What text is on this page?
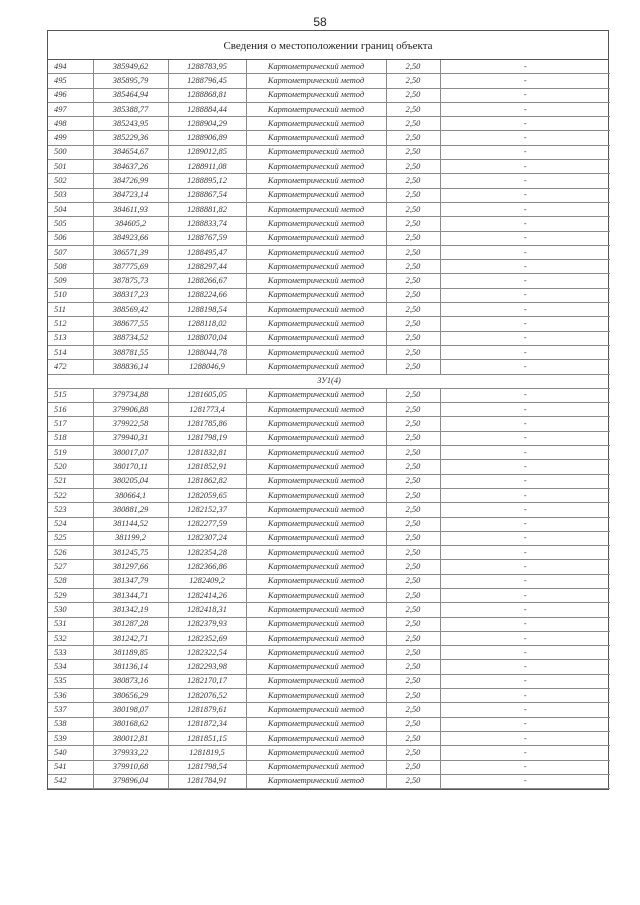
58
Сведения о местоположении границ объекта
494	385949,62	1288783,95	Картометрический метод	2,50	-
495	385895,79	1288796,45	Картометрический метод	2,50	-
496	385464,94	1288868,81	Картометрический метод	2,50	-
497	385388,77	1288884,44	Картометрический метод	2,50	-
498	385243,95	1288904,29	Картометрический метод	2,50	-
499	385229,36	1288906,89	Картометрический метод	2,50	-
500	384654,67	1289012,85	Картометрический метод	2,50	-
501	384637,26	1288911,08	Картометрический метод	2,50	-
502	384726,99	1288895,12	Картометрический метод	2,50	-
503	384723,14	1288867,54	Картометрический метод	2,50	-
504	384611,93	1288881,82	Картометрический метод	2,50	-
505	384605,2	1288833,74	Картометрический метод	2,50	-
506	384923,66	1288767,59	Картометрический метод	2,50	-
507	386571,39	1288495,47	Картометрический метод	2,50	-
508	387775,69	1288297,44	Картометрический метод	2,50	-
509	387875,73	1288266,67	Картометрический метод	2,50	-
510	388317,23	1288224,66	Картометрический метод	2,50	-
511	388569,42	1288198,54	Картометрический метод	2,50	-
512	388677,55	1288118,02	Картометрический метод	2,50	-
513	388734,52	1288070,04	Картометрический метод	2,50	-
514	388781,55	1288044,78	Картометрический метод	2,50	-
472	388836,14	1288046,9	Картометрический метод	2,50	-
ЗУ1(4)					
515	379734,88	1281605,05	Картометрический метод	2,50	-
516	379906,88	1281773,4	Картометрический метод	2,50	-
517	379922,58	1281785,86	Картометрический метод	2,50	-
518	379940,31	1281798,19	Картометрический метод	2,50	-
519	380017,07	1281832,81	Картометрический метод	2,50	-
520	380170,11	1281852,91	Картометрический метод	2,50	-
521	380205,04	1281862,82	Картометрический метод	2,50	-
522	380664,1	1282059,65	Картометрический метод	2,50	-
523	380881,29	1282152,37	Картометрический метод	2,50	-
524	381144,52	1282277,59	Картометрический метод	2,50	-
525	381199,2	1282307,24	Картометрический метод	2,50	-
526	381245,75	1282354,28	Картометрический метод	2,50	-
527	381297,66	1282366,86	Картометрический метод	2,50	-
528	381347,79	1282409,2	Картометрический метод	2,50	-
529	381344,71	1282414,26	Картометрический метод	2,50	-
530	381342,19	1282418,31	Картометрический метод	2,50	-
531	381287,28	1282379,93	Картометрический метод	2,50	-
532	381242,71	1282352,69	Картометрический метод	2,50	-
533	381189,85	1282322,54	Картометрический метод	2,50	-
534	381136,14	1282293,98	Картометрический метод	2,50	-
535	380873,16	1282170,17	Картометрический метод	2,50	-
536	380656,29	1282076,52	Картометрический метод	2,50	-
537	380198,07	1281879,61	Картометрический метод	2,50	-
538	380168,62	1281872,34	Картометрический метод	2,50	-
539	380012,81	1281851,15	Картометрический метод	2,50	-
540	379933,22	1281819,5	Картометрический метод	2,50	-
541	379910,68	1281798,54	Картометрический метод	2,50	-
542	379896,04	1281784,91	Картометрический метод	2,50	-
